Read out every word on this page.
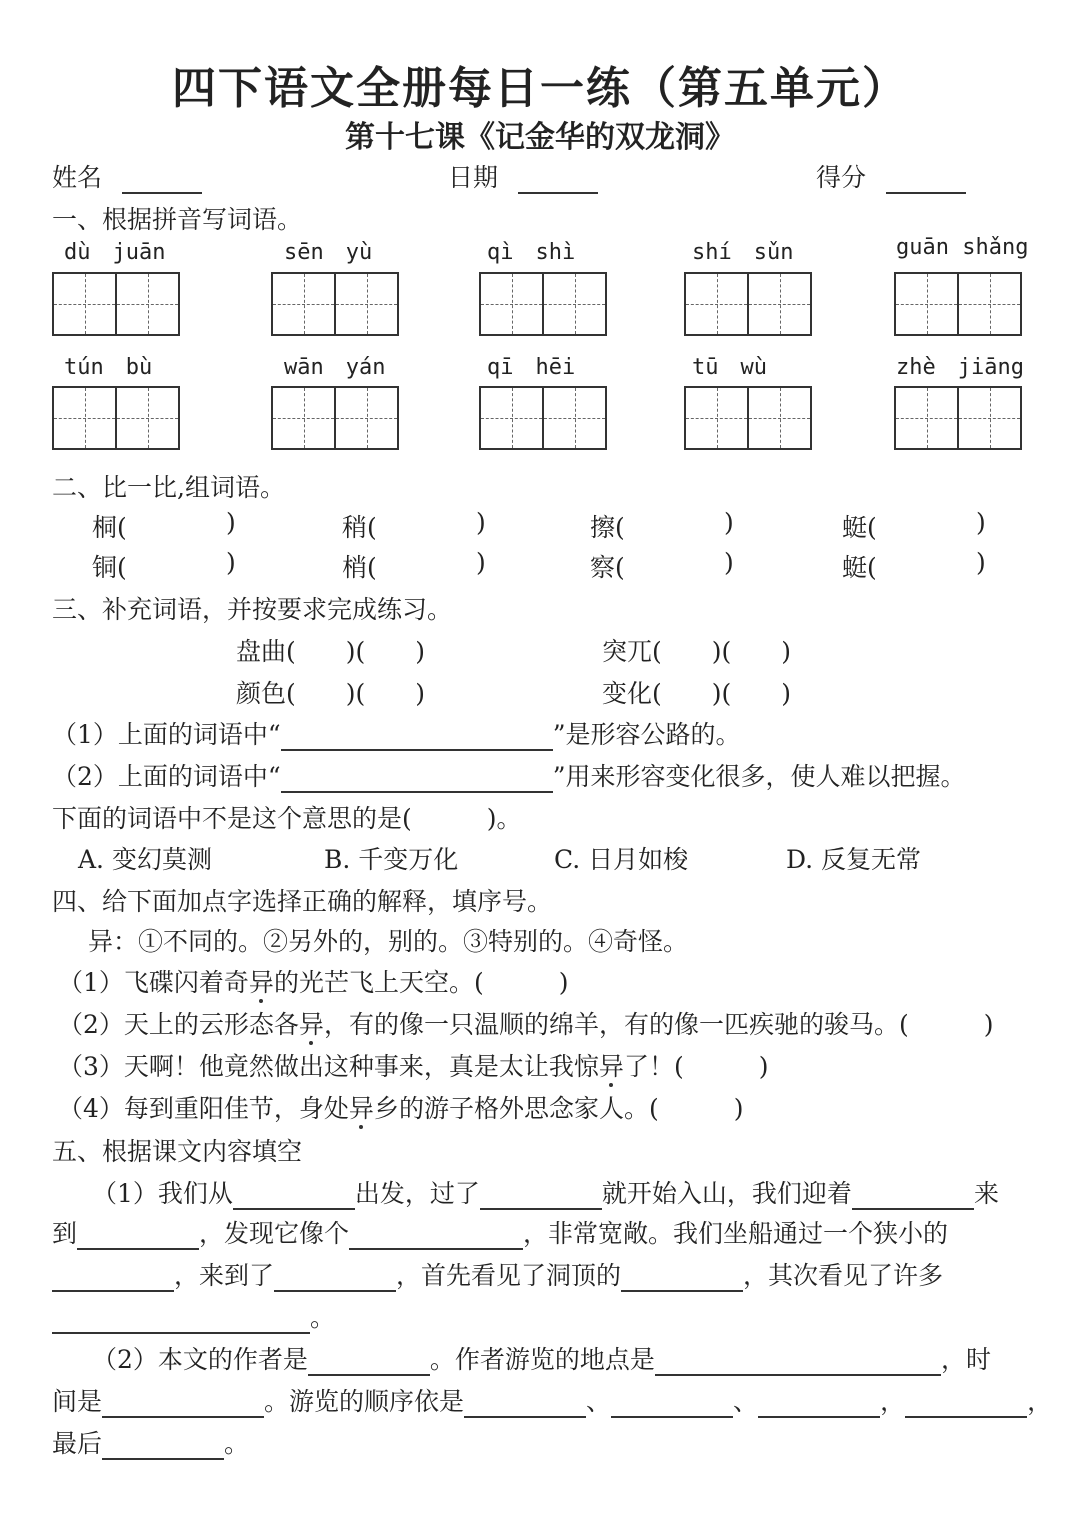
四下语文全册每日一练（第五单元）
第十七课《记金华的双龙洞》
姓名	日期	得分
一、根据拼音写词语。
dù　juān	sēn　yù	qì　shì	shí　sǔn	guān shǎng
tún　bù	wān　yán	qī　hēi	tū　wù	zhè　jiāng
二、比一比,组词语。
桐(	)	稍(	)	擦(	)	蜓(	)
铜(	)	梢(	)	察(	)	蜓(	)
三、补充词语，并按要求完成练习。
盘曲(　　)(　　)	突兀(　　)(　　)
颜色(　　)(　　)	变化(　　)(　　)
（1）上面的词语中“	”是形容公路的。
（2）上面的词语中“	”用来形容变化很多，使人难以把握。
下面的词语中不是这个意思的是(　　　)。
A. 变幻莫测	B. 千变万化	C. 日月如梭	D. 反复无常
四、给下面加点字选择正确的解释，填序号。
异：①不同的。②另外的，别的。③特别的。④奇怪。
（1）飞碟闪着奇异的光芒飞上天空。(　　　)
（2）天上的云形态各异，有的像一只温顺的绵羊，有的像一匹疾驰的骏马。(　　　)
（3）天啊！他竟然做出这种事来，真是太让我惊异了！(　　　)
（4）每到重阳佳节，身处异乡的游子格外思念家人。(　　　)
五、根据课文内容填空
（1）我们从	出发，过了	就开始入山，我们迎着	来
到	，发现它像个	，非常宽敞。我们坐船通过一个狭小的
，来到了	，首先看见了洞顶的	，其次看见了许多
。
（2）本文的作者是	。作者游览的地点是	，时
间是	。游览的顺序依是	、	、	，	，
最后	。
